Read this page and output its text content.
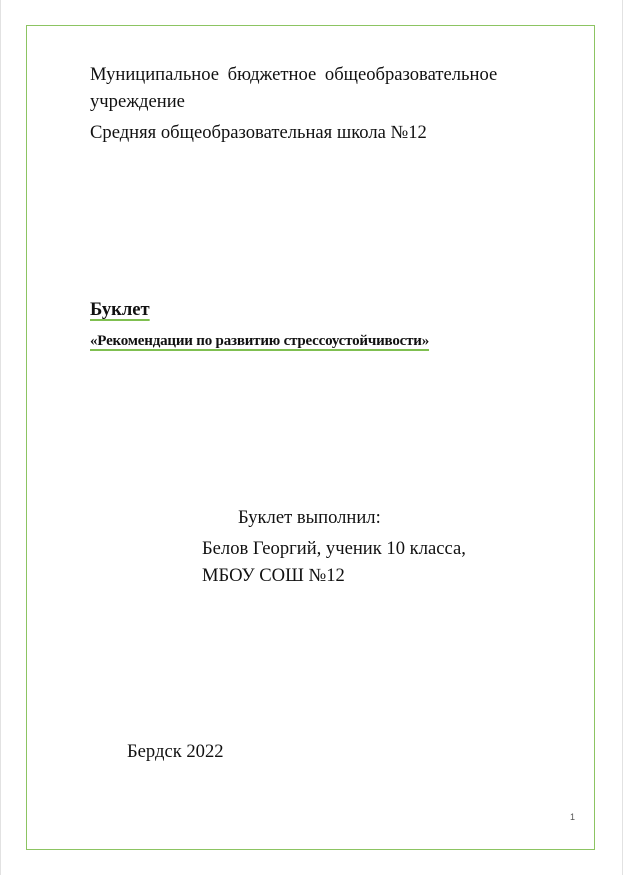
Муниципальное бюджетное общеобразовательное
учреждение
Средняя общеобразовательная школа №12
Буклет
«Рекомендации по развитию стрессоустойчивости»
Буклет выполнил:
Белов Георгий, ученик 10 класса,
МБОУ СОШ №12
Бердск 2022
1
